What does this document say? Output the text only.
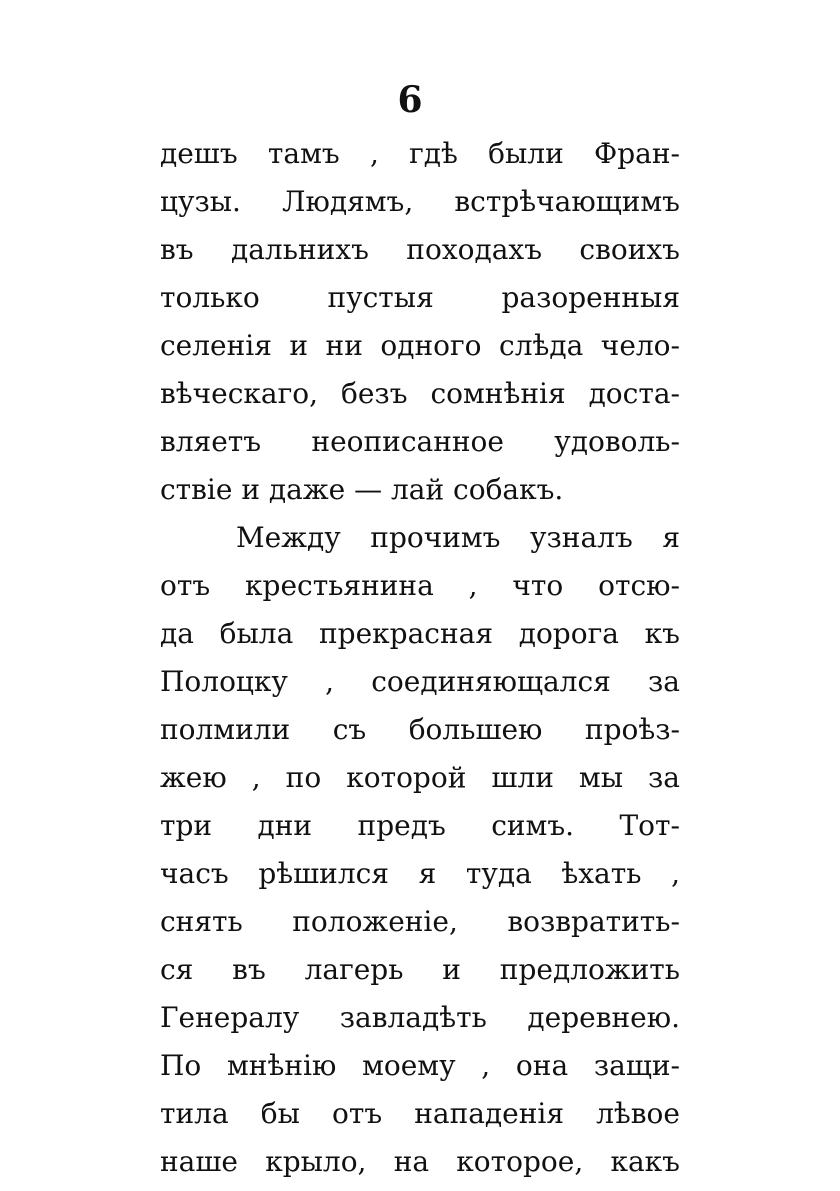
6
дешъ тамъ , гдѣ были Фран-
цузы. Людямъ, встрѣчающимъ
въ дальнихъ походахъ своихъ
только пустыя разоренныя
селенія и ни одного слѣда чело-
вѣческаго, безъ сомнѣнія достa-
вляетъ неописанное удоволь-
ствіе и даже — лай собакъ.
Между прочимъ узналъ я
отъ крестьянина , что отсю-
да была прекрасная дорога къ
Полоцку , соединяющался за
полмили съ большею проѣз-
жею , по которой шли мы за
три дни предъ симъ. Тот-
часъ рѣшился я туда ѣхать ,
снять положеніе, возвратить-
ся въ лагерь и предложить
Генералу завладѣть деревнею.
По мнѣнію моему , она защи-
тила бы отъ нападенія лѣвое
наше крыло, на которое, какъ
